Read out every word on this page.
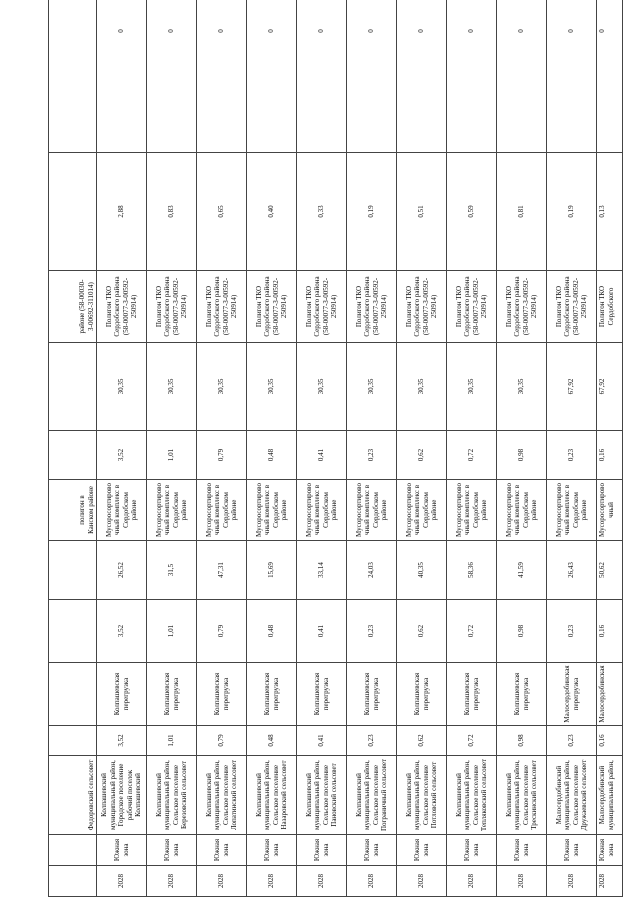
		Федоровский сельсовет					полигон в Канском районе			районе (58-00030-З-00692-311014)		
2028	Южная зона	Колпашевский муниципальный район, Городское поселение рабочий поселок Колпашевский	3,52	Колпашевская перегрузка	3,52	26,52	Мусоросортировочный комплекс в Сердобском районе	3,52	30,35	Полигон ТКО Сердобского района (58-00077-З-00592-250914)	2,88	0
2028	Южная зона	Колпашевский муниципальный район, Сельское поселение Березовский сельсовет	1,01	Колпашевская перегрузка	1,01	31,5	Мусоросортировочный комплекс в Сердобском районе	1,01	30,35	Полигон ТКО Сердобского района (58-00077-З-00592-250914)	0,83	0
2028	Южная зона	Колпашевский муниципальный район, Сельское поселение Лопатинский сельсовет	0,79	Колпашевская перегрузка	0,79	47,31	Мусоросортировочный комплекс в Сердобском районе	0,79	30,35	Полигон ТКО Сердобского района (58-00077-З-00592-250914)	0,65	0
2028	Южная зона	Колпашевский муниципальный район, Сельское поселение Назаровский сельсовет	0,48	Колпашевская перегрузка	0,48	15,69	Мусоросортировочный комплекс в Сердобском районе	0,48	30,35	Полигон ТКО Сердобского района (58-00077-З-00592-250914)	0,40	0
2028	Южная зона	Колпашевский муниципальный район, Сельское поселение Пановский сельсовет	0,41	Колпашевская перегрузка	0,41	33,14	Мусоросортировочный комплекс в Сердобском районе	0,41	30,35	Полигон ТКО Сердобского района (58-00077-З-00592-250914)	0,33	0
2028	Южная зона	Колпашевский муниципальный район, Сельское поселение Пограничный сельсовет	0,23	Колпашевская перегрузка	0,23	24,03	Мусоросортировочный комплекс в Сердобском районе	0,23	30,35	Полигон ТКО Сердобского района (58-00077-З-00592-250914)	0,19	0
2028	Южная зона	Колпашевский муниципальный район, Сельское поселение Потловский сельсовет	0,62	Колпашевская перегрузка	0,62	40,35	Мусоросортировочный комплекс в Сердобском районе	0,62	30,35	Полигон ТКО Сердобского района (58-00077-З-00592-250914)	0,51	0
2028	Южная зона	Колпашевский муниципальный район, Сельское поселение Тепляковский сельсовет	0,72	Колпашевская перегрузка	0,72	58,36	Мусоросортировочный комплекс в Сердобском районе	0,72	30,35	Полигон ТКО Сердобского района (58-00077-З-00592-250914)	0,59	0
2028	Южная зона	Колпашевский муниципальный район, Сельское поселение Трескинский сельсовет	0,98	Колпашевская перегрузка	0,98	41,59	Мусоросортировочный комплекс в Сердобском районе	0,98	30,35	Полигон ТКО Сердобского района (58-00077-З-00592-250914)	0,81	0
2028	Южная зона	Малосердобинский муниципальный район, Сельское поселение Дружаевский сельсовет	0,23	Малосердобинская перегрузка	0,23	26,43	Мусоросортировочный комплекс в Сердобском районе	0,23	67,92	Полигон ТКО Сердобского района (58-00077-З-00592-250914)	0,19	0
2028	Южная зона	Малосердобинский муниципальный район,	0,16	Малосердобинская	0,16	50,62	Мусоросортировочный	0,16	67,92	Полигон ТКО Сердобского	0,13	0
